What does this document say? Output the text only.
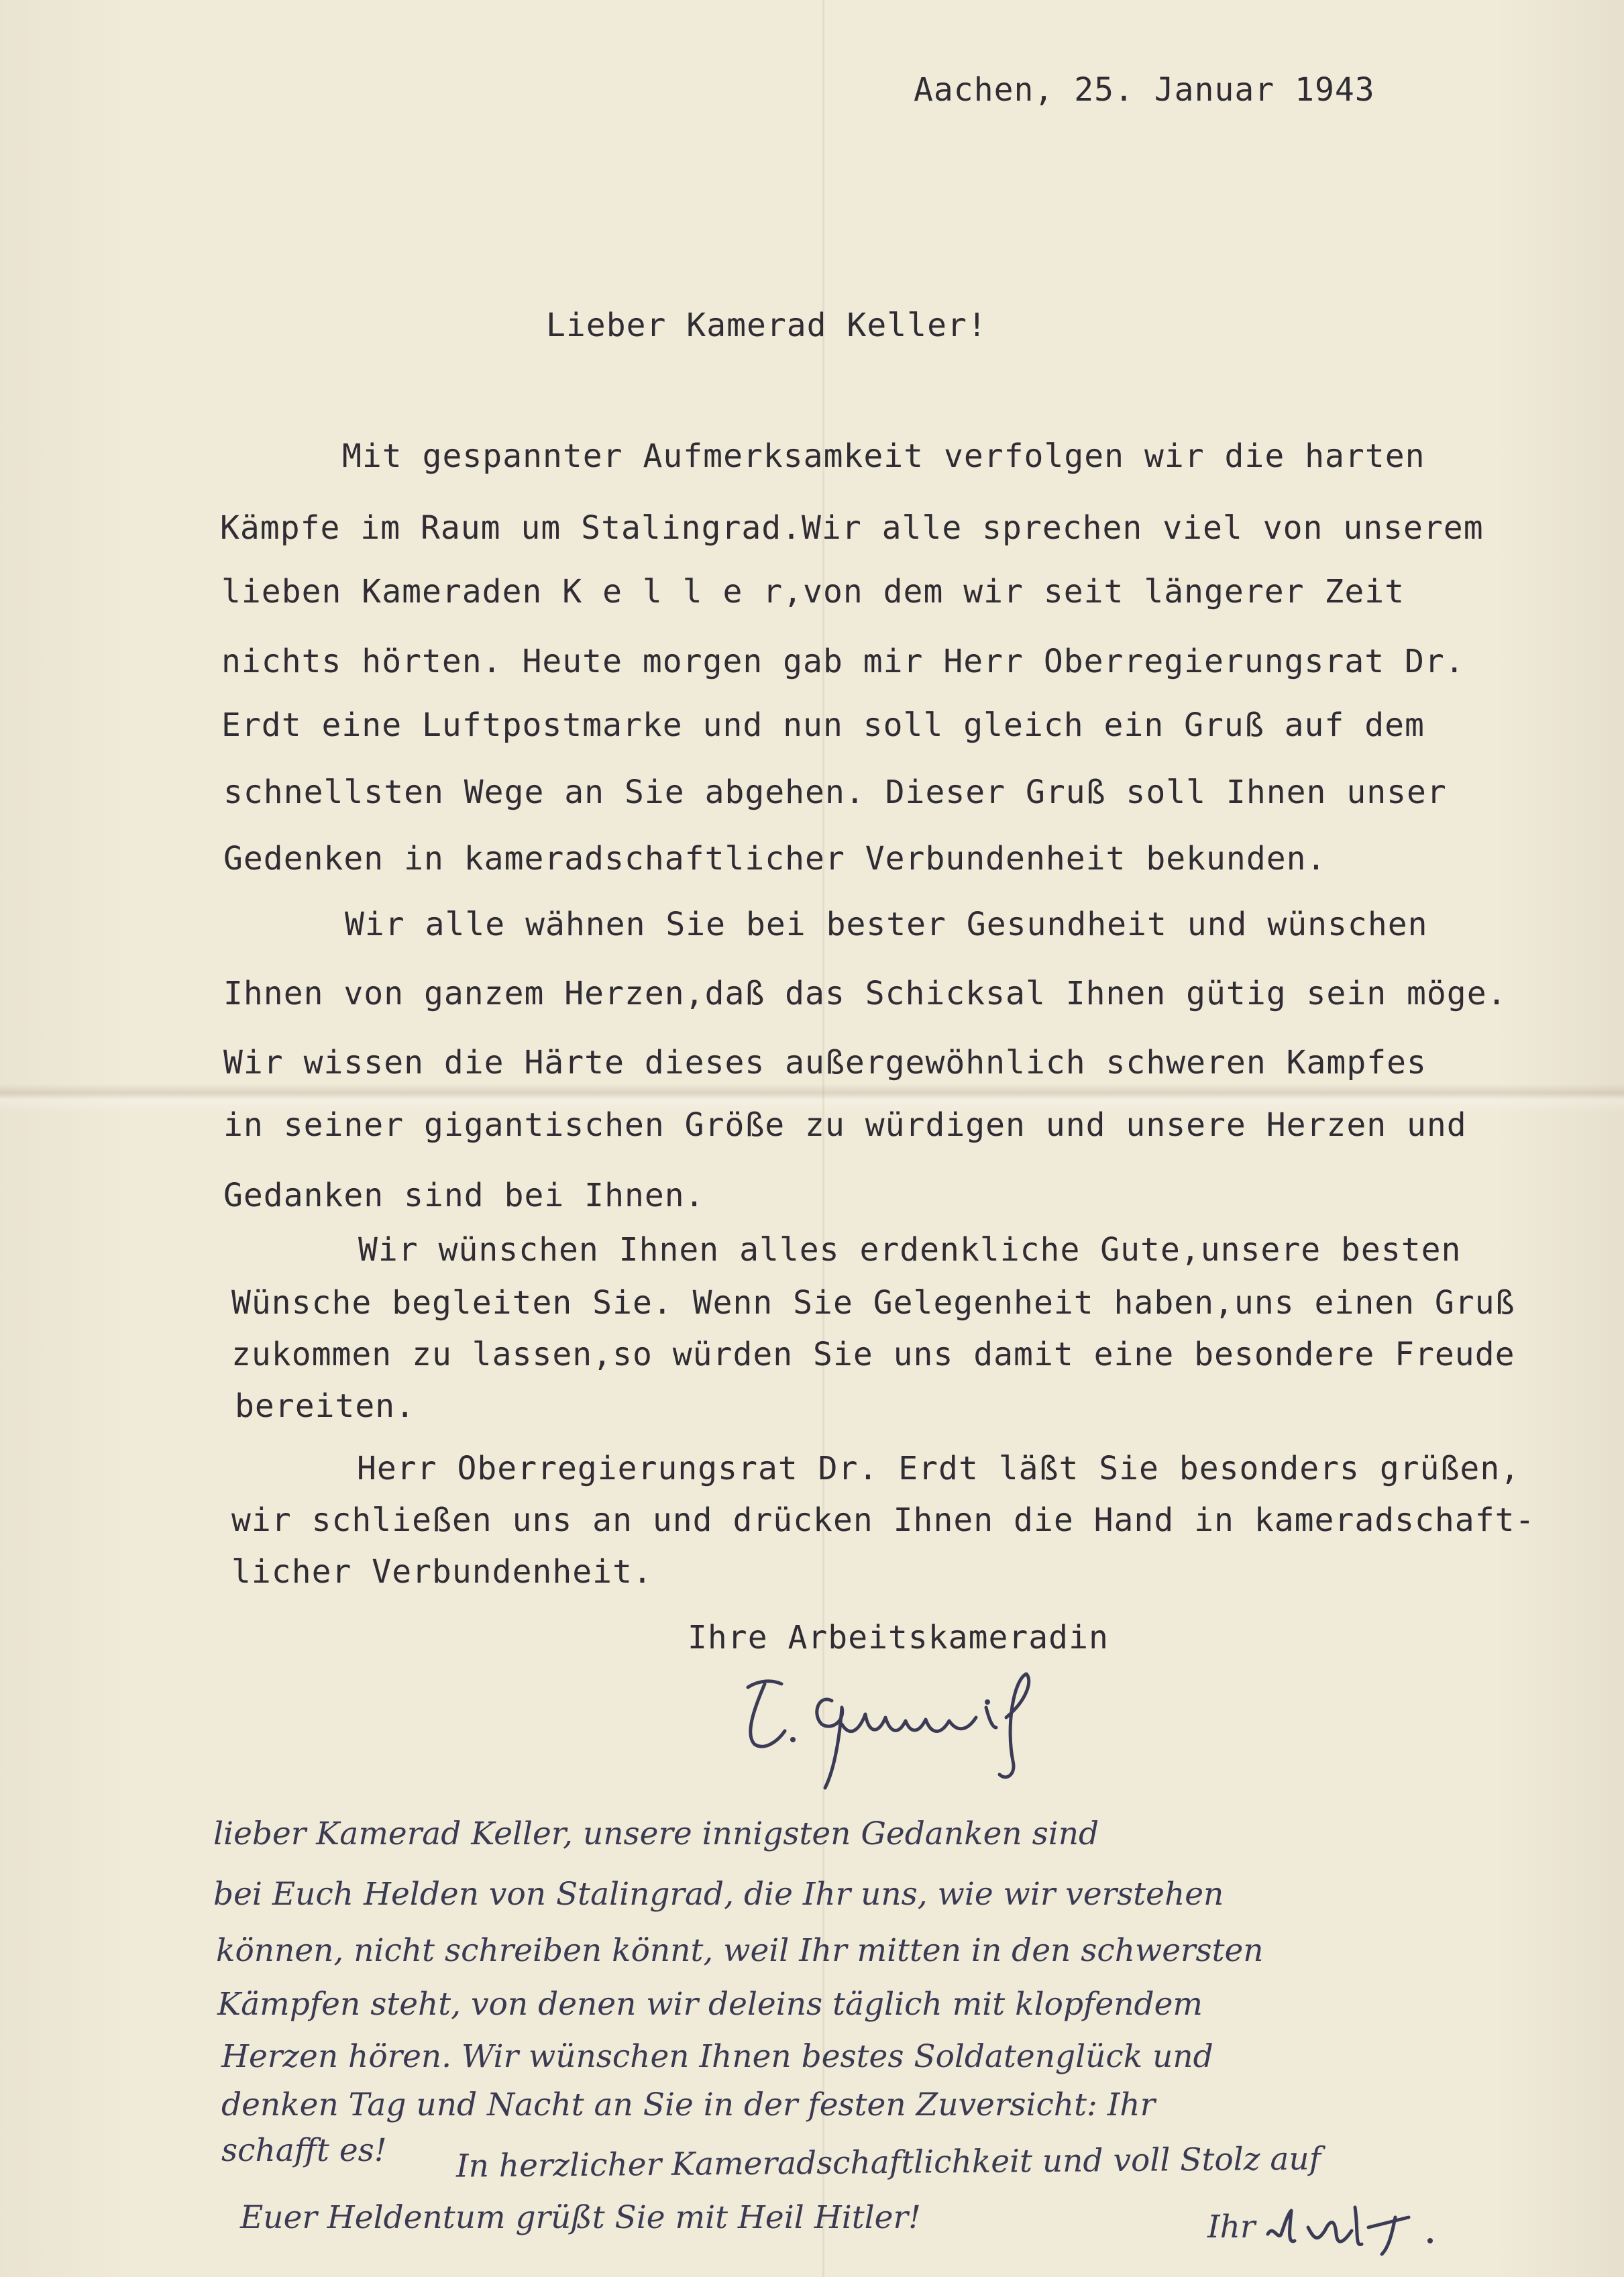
Aachen, 25. Januar 1943

Lieber Kamerad Keller!

Mit gespannter Aufmerksamkeit verfolgen wir die harten

Kämpfe im Raum um Stalingrad.Wir alle sprechen viel von unserem

lieben Kameraden K e l l e r,von dem wir seit längerer Zeit

nichts hörten. Heute morgen gab mir Herr Oberregierungsrat Dr.

Erdt eine Luftpostmarke und nun soll gleich ein Gruß auf dem

schnellsten Wege an Sie abgehen. Dieser Gruß soll Ihnen unser

Gedenken in kameradschaftlicher Verbundenheit bekunden.

Wir alle wähnen Sie bei bester Gesundheit und wünschen

Ihnen von ganzem Herzen,daß das Schicksal Ihnen gütig sein möge.

Wir wissen die Härte dieses außergewöhnlich schweren Kampfes

in seiner gigantischen Größe zu würdigen und unsere Herzen und

Gedanken sind bei Ihnen.

Wir wünschen Ihnen alles erdenkliche Gute,unsere besten

Wünsche begleiten Sie. Wenn Sie Gelegenheit haben,uns einen Gruß

zukommen zu lassen,so würden Sie uns damit eine besondere Freude

bereiten.

Herr Oberregierungsrat Dr. Erdt läßt Sie besonders grüßen,

wir schließen uns an und drücken Ihnen die Hand in kameradschaft-

licher Verbundenheit.

Ihre Arbeitskameradin

lieber Kamerad Keller, unsere innigsten Gedanken sind

bei Euch Helden von Stalingrad, die Ihr uns, wie wir verstehen

können, nicht schreiben könnt, weil Ihr mitten in den schwersten

Kämpfen steht, von denen wir deleins täglich mit klopfendem

Herzen hören. Wir wünschen Ihnen bestes Soldatenglück und

denken Tag und Nacht an Sie in der festen Zuversicht: Ihr

schafft es! In herzlicher Kameradschaftlichkeit und voll Stolz auf

Euer Heldentum grüßt Sie mit Heil Hitler!	Ihr
